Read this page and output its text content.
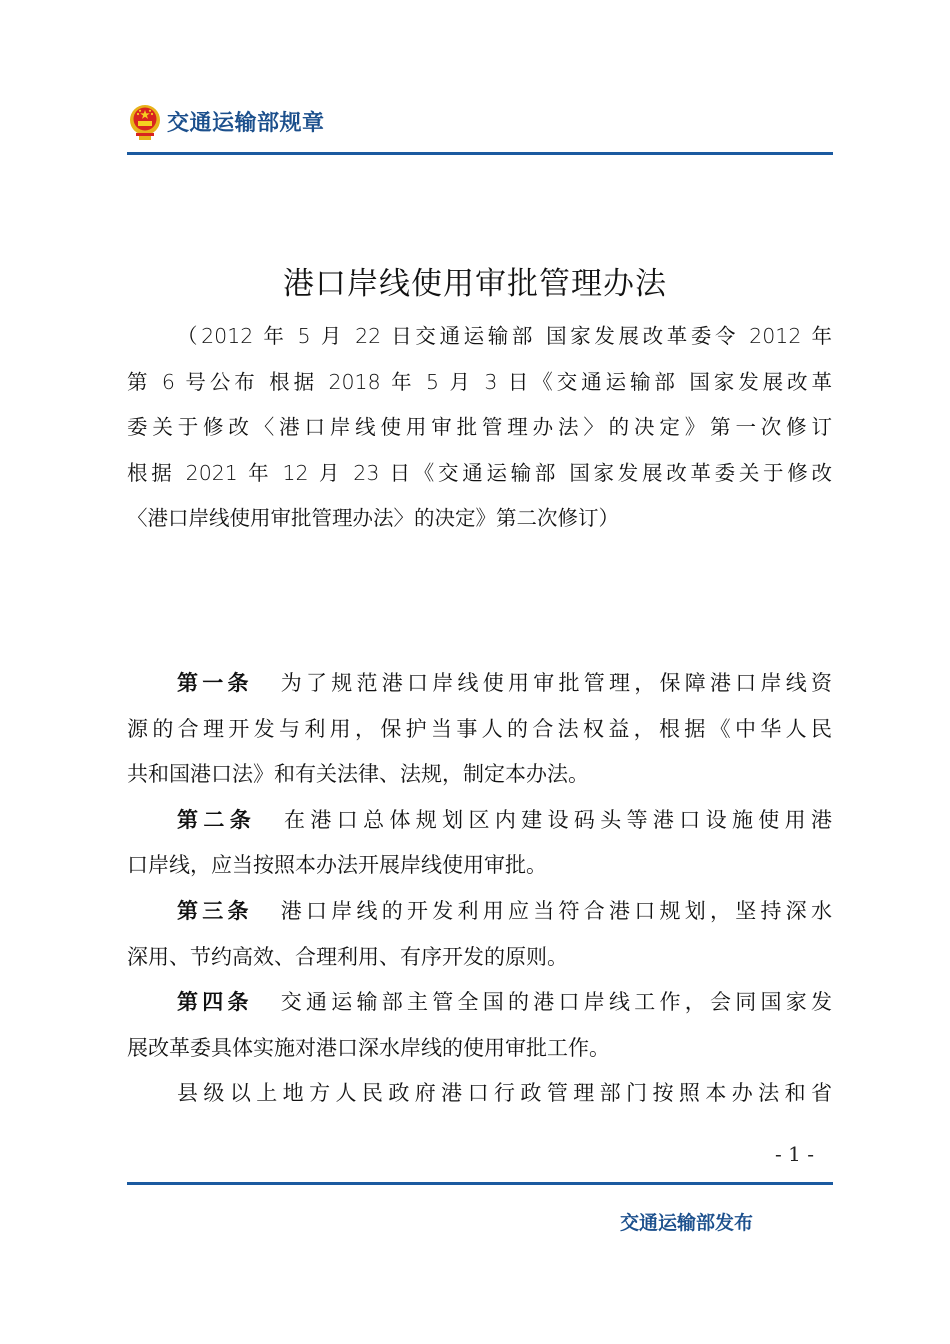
交通运输部规章
港口岸线使用审批管理办法
（2012 年 5 月 22 日交通运输部 国家发展改革委令 2012 年
第 6 号公布 根据 2018 年 5 月 3 日《交通运输部 国家发展改革
委关于修改〈港口岸线使用审批管理办法〉的决定》第一次修订
根据 2021 年 12 月 23 日《交通运输部 国家发展改革委关于修改
〈港口岸线使用审批管理办法〉的决定》第二次修订）
第一条 为了规范港口岸线使用审批管理，保障港口岸线资
源的合理开发与利用，保护当事人的合法权益，根据《中华人民
共和国港口法》和有关法律、法规，制定本办法。
第二条 在港口总体规划区内建设码头等港口设施使用港
口岸线，应当按照本办法开展岸线使用审批。
第三条 港口岸线的开发利用应当符合港口规划，坚持深水
深用、节约高效、合理利用、有序开发的原则。
第四条 交通运输部主管全国的港口岸线工作，会同国家发
展改革委具体实施对港口深水岸线的使用审批工作。
县级以上地方人民政府港口行政管理部门按照本办法和省
- 1 -
交通运输部发布
